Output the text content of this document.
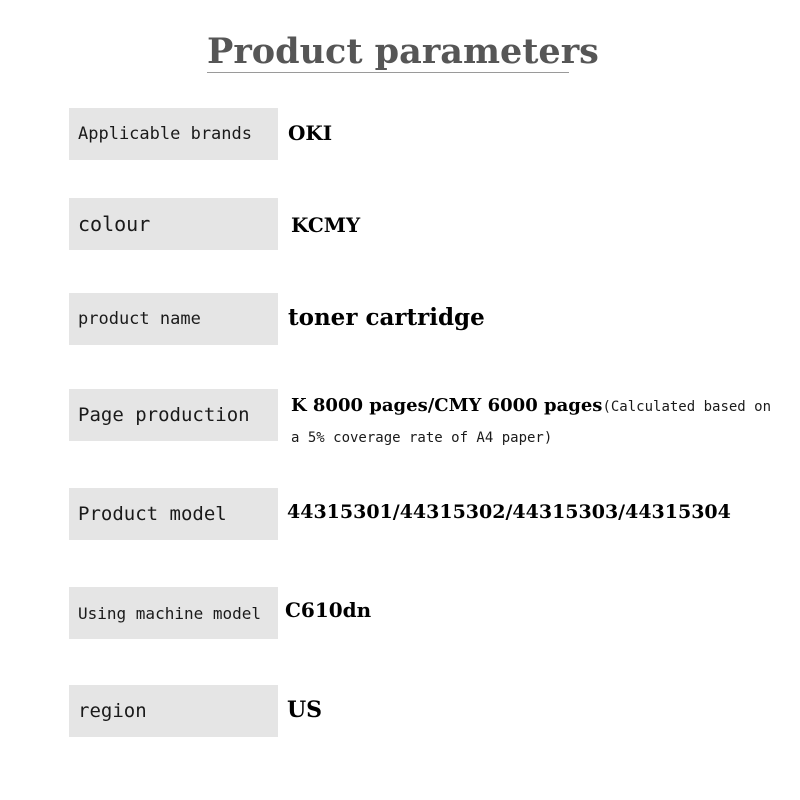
Product parameters
Applicable brands	OKI
colour	KCMY
product name	toner cartridge
Page production	K 8000 pages/CMY 6000 pages(Calculated based on
a 5% coverage rate of A4 paper)
Product model	44315301/44315302/44315303/44315304
Using machine model	C610dn
region	US
